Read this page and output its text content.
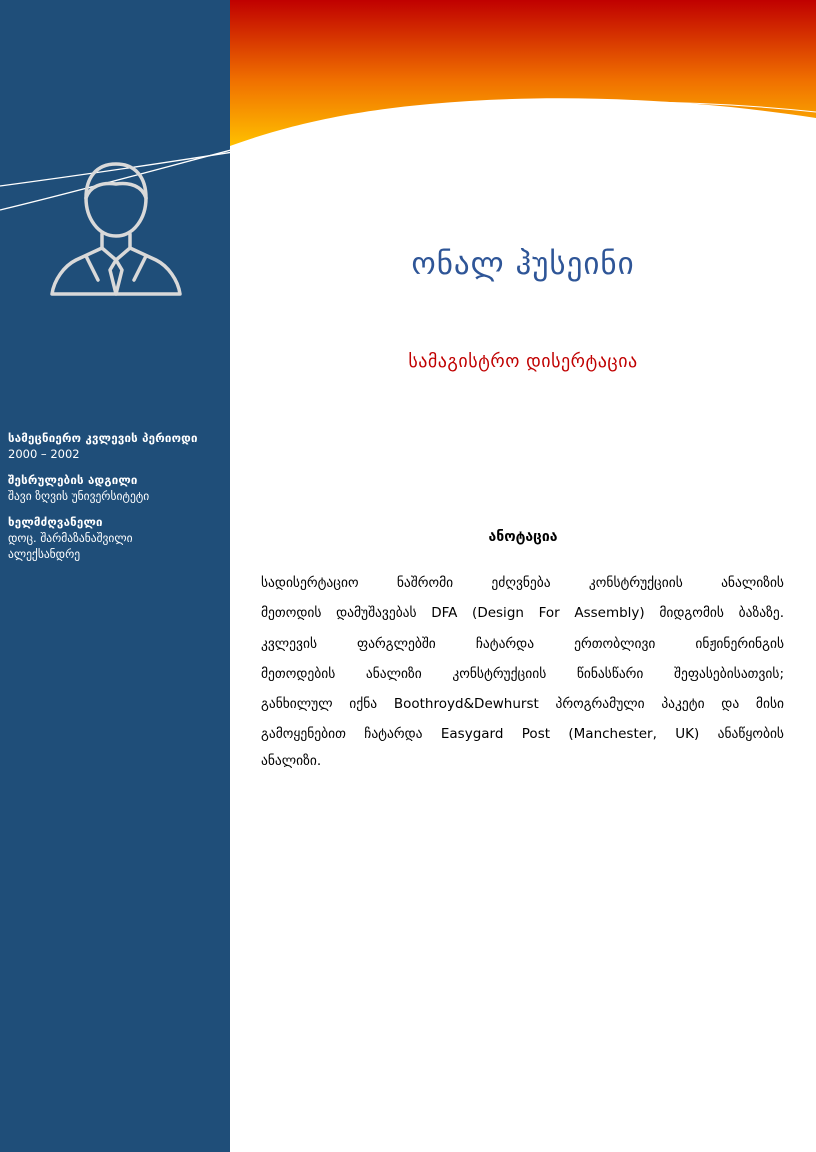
სამეცნიერო კვლევის პერიოდი
2000 – 2002
შესრულების ადგილი
შავი ზღვის უნივერსიტეტი
ხელმძღვანელი
დოც. შარმაზანაშვილი
ალექსანდრე
ონალ ჰუსეინი
სამაგისტრო დისერტაცია
ანოტაცია
სადისერტაციო ნაშრომი ეძღვნება კონსტრუქციის ანალიზის
მეთოდის დამუშავებას DFA (Design For Assembly) მიდგომის ბაზაზე.
კვლევის ფარგლებში ჩატარდა ერთობლივი ინჟინერინგის
მეთოდების ანალიზი კონსტრუქციის წინასწარი შეფასებისათვის;
განხილულ იქნა Boothroyd&Dewhurst პროგრამული პაკეტი და მისი
გამოყენებით ჩატარდა Easygard Post (Manchester, UK) ანაწყობის
ანალიზი.
